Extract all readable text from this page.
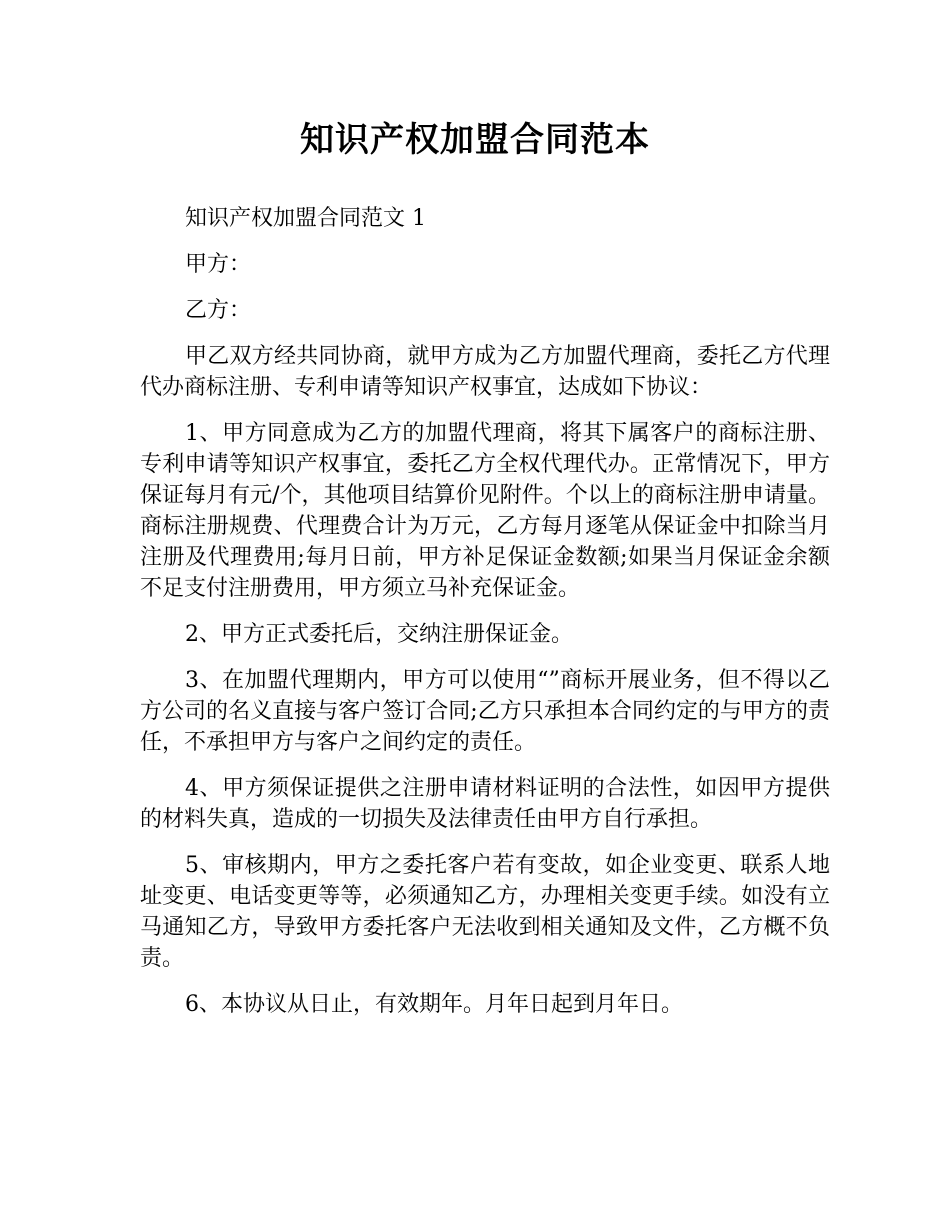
知识产权加盟合同范本

知识产权加盟合同范文 1

甲方：

乙方：

甲乙双方经共同协商，就甲方成为乙方加盟代理商，委托乙方代理代办商标注册、专利申请等知识产权事宜，达成如下协议：

1、甲方同意成为乙方的加盟代理商，将其下属客户的商标注册、专利申请等知识产权事宜，委托乙方全权代理代办。正常情况下，甲方保证每月有元/个，其他项目结算价见附件。个以上的商标注册申请量。商标注册规费、代理费合计为万元，乙方每月逐笔从保证金中扣除当月注册及代理费用;每月日前，甲方补足保证金数额;如果当月保证金余额不足支付注册费用，甲方须立马补充保证金。

2、甲方正式委托后，交纳注册保证金。

3、在加盟代理期内，甲方可以使用“”商标开展业务，但不得以乙方公司的名义直接与客户签订合同;乙方只承担本合同约定的与甲方的责任，不承担甲方与客户之间约定的责任。

4、甲方须保证提供之注册申请材料证明的合法性，如因甲方提供的材料失真，造成的一切损失及法律责任由甲方自行承担。

5、审核期内，甲方之委托客户若有变故，如企业变更、联系人地址变更、电话变更等等，必须通知乙方，办理相关变更手续。如没有立马通知乙方，导致甲方委托客户无法收到相关通知及文件，乙方概不负责。

6、本协议从日止，有效期年。月年日起到月年日。
